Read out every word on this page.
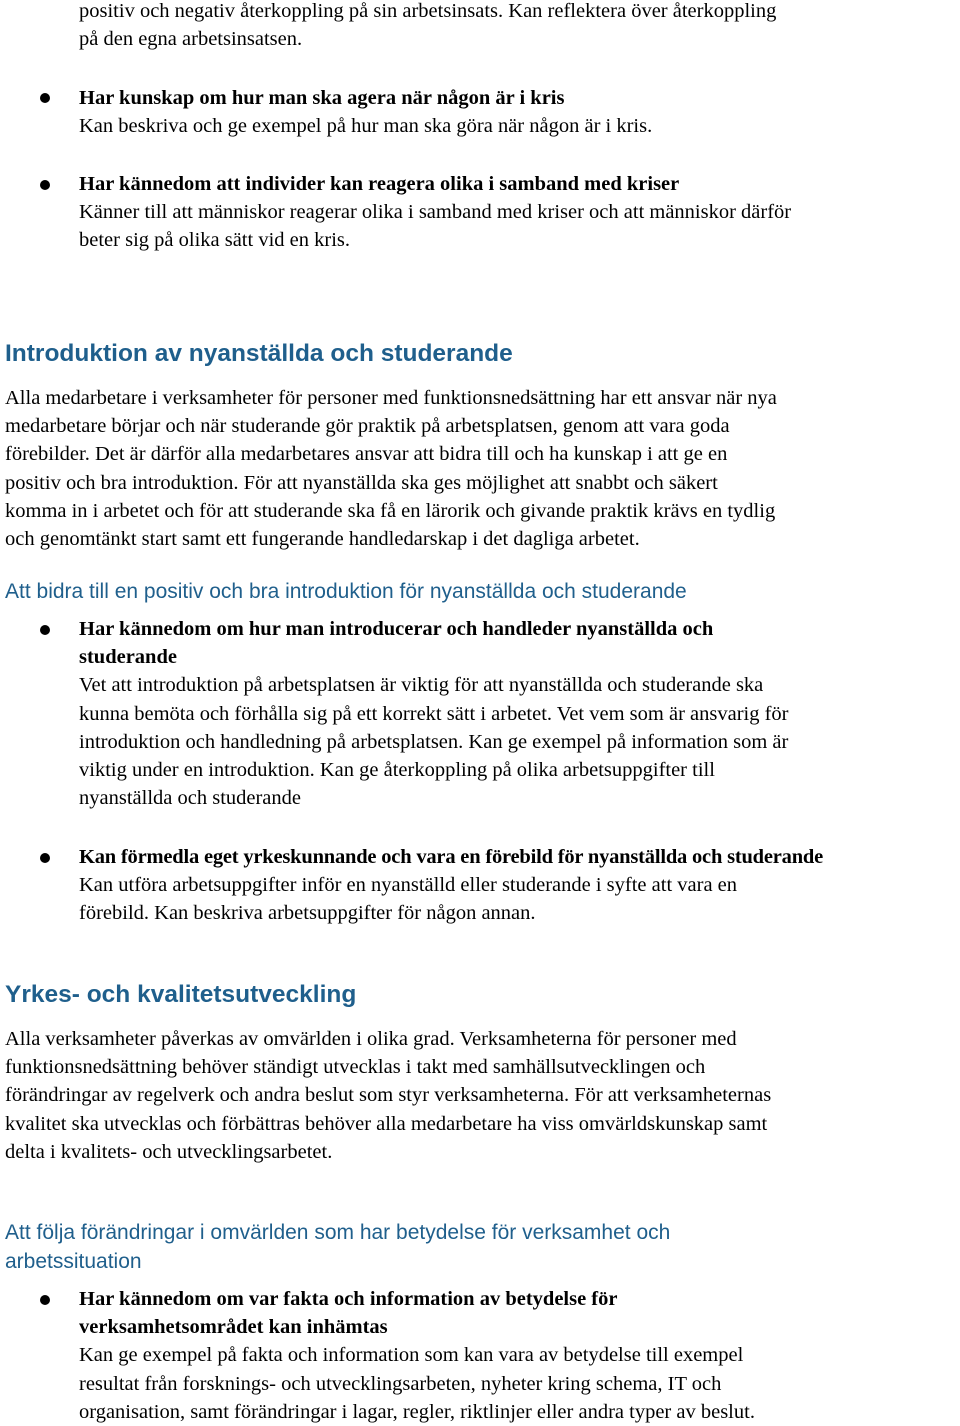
positiv och negativ återkoppling på sin arbetsinsats. Kan reflektera över återkoppling

på den egna arbetsinsatsen.

Har kunskap om hur man ska agera när någon är i kris

Kan beskriva och ge exempel på hur man ska göra när någon är i kris.

Har kännedom att individer kan reagera olika i samband med kriser

Känner till att människor reagerar olika i samband med kriser och att människor därför

beter sig på olika sätt vid en kris.

Introduktion av nyanställda och studerande

Alla medarbetare i verksamheter för personer med funktionsnedsättning har ett ansvar när nya

medarbetare börjar och när studerande gör praktik på arbetsplatsen, genom att vara goda

förebilder. Det är därför alla medarbetares ansvar att bidra till och ha kunskap i att ge en

positiv och bra introduktion. För att nyanställda ska ges möjlighet att snabbt och säkert

komma in i arbetet och för att studerande ska få en lärorik och givande praktik krävs en tydlig

och genomtänkt start samt ett fungerande handledarskap i det dagliga arbetet.

Att bidra till en positiv och bra introduktion för nyanställda och studerande

Har kännedom om hur man introducerar och handleder nyanställda och

studerande

Vet att introduktion på arbetsplatsen är viktig för att nyanställda och studerande ska

kunna bemöta och förhålla sig på ett korrekt sätt i arbetet. Vet vem som är ansvarig för

introduktion och handledning på arbetsplatsen. Kan ge exempel på information som är

viktig under en introduktion. Kan ge återkoppling på olika arbetsuppgifter till

nyanställda och studerande

Kan förmedla eget yrkeskunnande och vara en förebild för nyanställda och studerande

Kan utföra arbetsuppgifter inför en nyanställd eller studerande i syfte att vara en

förebild. Kan beskriva arbetsuppgifter för någon annan.

Yrkes- och kvalitetsutveckling

Alla verksamheter påverkas av omvärlden i olika grad. Verksamheterna för personer med

funktionsnedsättning behöver ständigt utvecklas i takt med samhällsutvecklingen och

förändringar av regelverk och andra beslut som styr verksamheterna. För att verksamheternas

kvalitet ska utvecklas och förbättras behöver alla medarbetare ha viss omvärldskunskap samt

delta i kvalitets- och utvecklingsarbetet.

Att följa förändringar i omvärlden som har betydelse för verksamhet och

arbetssituation

Har kännedom om var fakta och information av betydelse för

verksamhetsområdet kan inhämtas

Kan ge exempel på fakta och information som kan vara av betydelse till exempel

resultat från forsknings- och utvecklingsarbeten, nyheter kring schema, IT och

organisation, samt förändringar i lagar, regler, riktlinjer eller andra typer av beslut.
